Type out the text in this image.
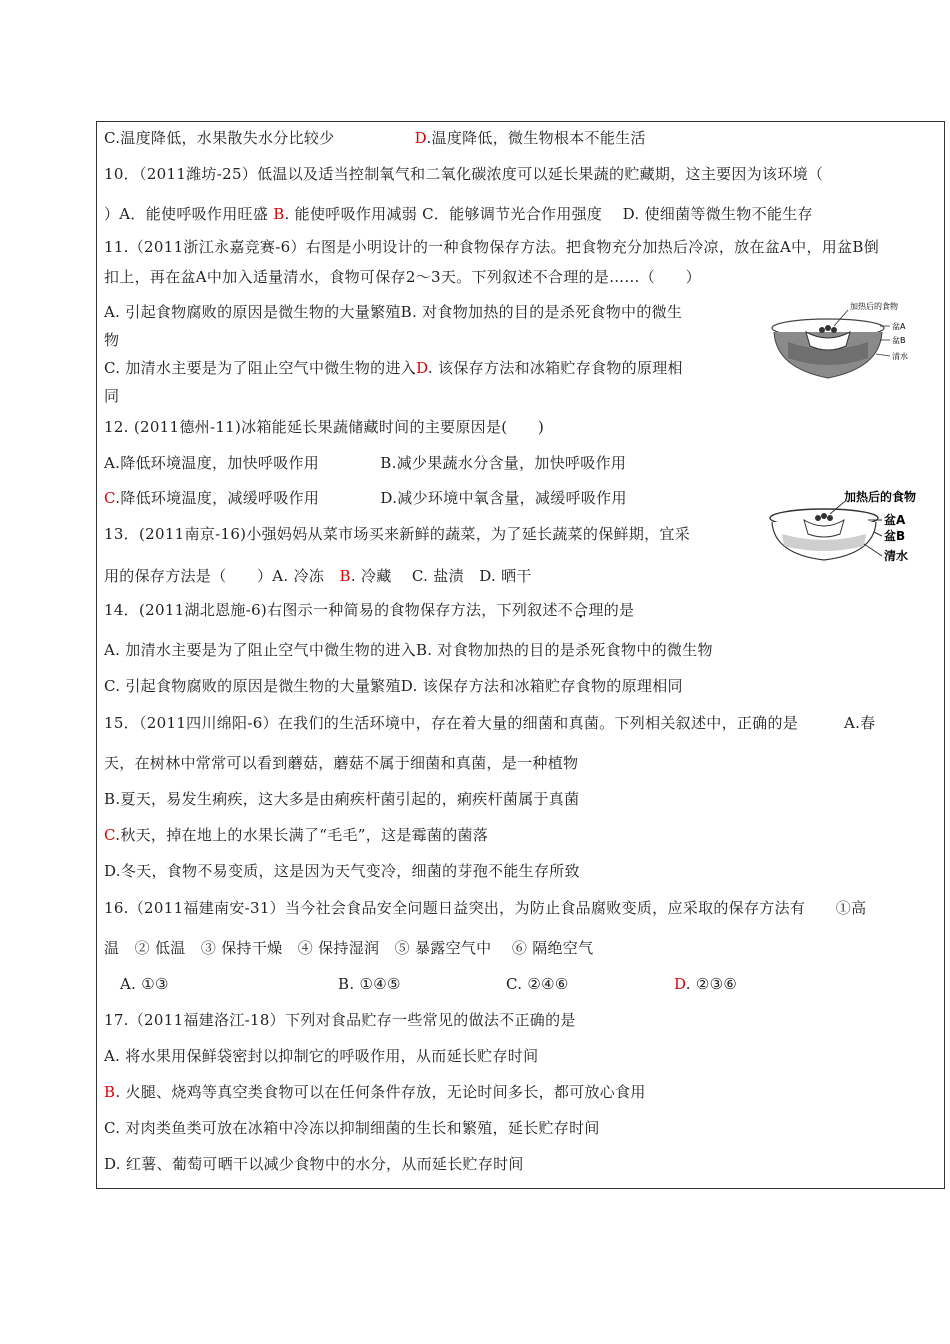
C.温度降低，水果散失水分比较少	D.温度降低，微生物根本不能生活
10．（2011潍坊-25）低温以及适当控制氧气和二氧化碳浓度可以延长果蔬的贮藏期，这主要因为该环境（
）A．能使呼吸作用旺盛 B. 能使呼吸作用减弱 C．能够调节光合作用强度　 D. 使细菌等微生物不能生存
11.（2011浙江永嘉竞赛-6）右图是小明设计的一种食物保存方法。把食物充分加热后冷凉，放在盆A中，用盆B倒
扣上，再在盆A中加入适量清水，食物可保存2～3天。下列叙述不合理的是……（　　）
A. 引起食物腐败的原因是微生物的大量繁殖B. 对食物加热的目的是杀死食物中的微生
物
C. 加清水主要是为了阻止空气中微生物的进入D. 该保存方法和冰箱贮存食物的原理相
同
加热后的食物
盆A
盆B
清水
12. (2011德州-11)冰箱能延长果蔬储藏时间的主要原因是(　　)
A.降低环境温度，加快呼吸作用　　　　B.减少果蔬水分含量，加快呼吸作用
C.降低环境温度，减缓呼吸作用　　　　D.减少环境中氧含量，减缓呼吸作用	加热后的食物
盆A
盆B
清水
13．(2011南京-16)小强妈妈从菜市场买来新鲜的蔬菜，为了延长蔬菜的保鲜期，宜采
用的保存方法是（　　）A. 冷冻　B. 冷藏　 C. 盐渍　D. 晒干
14．(2011湖北恩施-6)右图示一种简易的食物保存方法，下列叙述不合理的是
A. 加清水主要是为了阻止空气中微生物的进入B. 对食物加热的目的是杀死食物中的微生物
C. 引起食物腐败的原因是微生物的大量繁殖D. 该保存方法和冰箱贮存食物的原理相同
15．（2011四川绵阳-6）在我们的生活环境中，存在着大量的细菌和真菌。下列相关叙述中，正确的是　　　A.春
天，在树林中常常可以看到蘑菇，蘑菇不属于细菌和真菌，是一种植物
B.夏天，易发生痢疾，这大多是由痢疾杆菌引起的，痢疾杆菌属于真菌
C.秋天，掉在地上的水果长满了“毛毛”，这是霉菌的菌落
D.冬天，食物不易变质，这是因为天气变冷，细菌的芽孢不能生存所致
16.（2011福建南安-31）当今社会食品安全问题日益突出，为防止食品腐败变质，应采取的保存方法有　　①高
温　② 低温　③ 保持干燥　④ 保持湿润　⑤ 暴露空气中　 ⑥ 隔绝空气
A. ①③	B. ①④⑤	C. ②④⑥	D. ②③⑥
17.（2011福建洛江-18）下列对食品贮存一些常见的做法不正确的是
A. 将水果用保鲜袋密封以抑制它的呼吸作用，从而延长贮存时间
B. 火腿、烧鸡等真空类食物可以在任何条件存放，无论时间多长，都可放心食用
C. 对肉类鱼类可放在冰箱中冷冻以抑制细菌的生长和繁殖，延长贮存时间
D. 红薯、葡萄可晒干以减少食物中的水分，从而延长贮存时间
